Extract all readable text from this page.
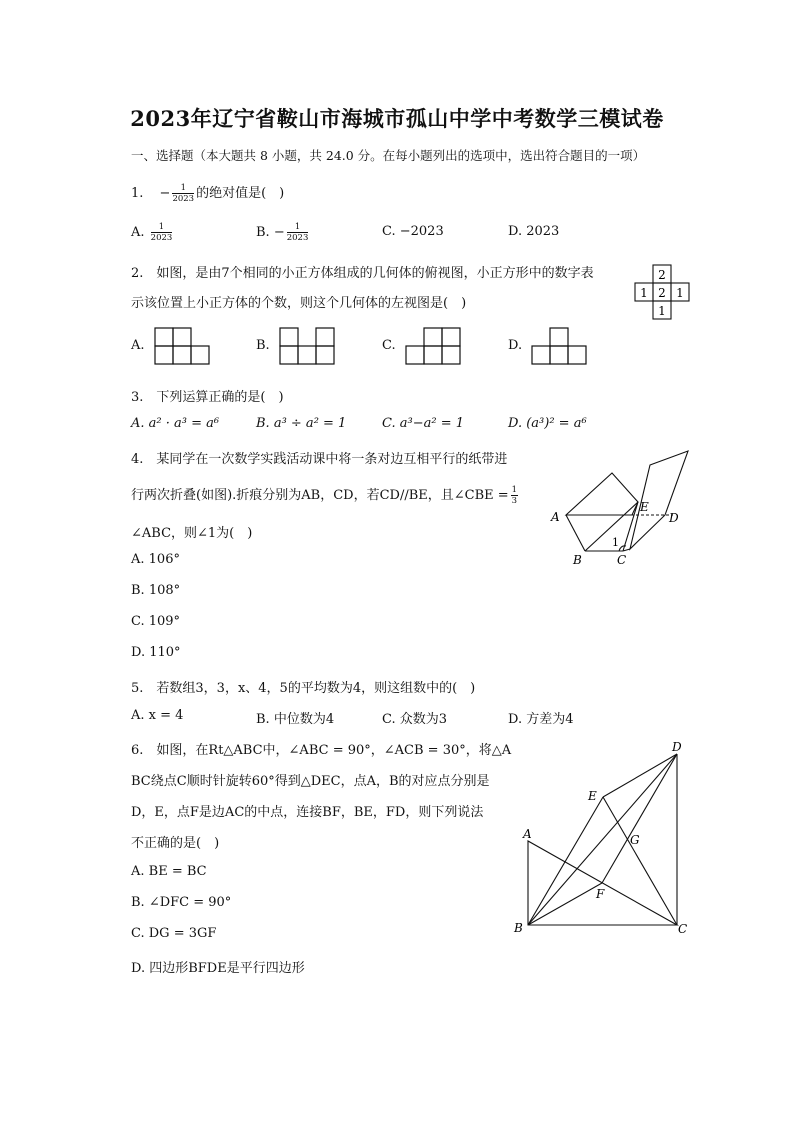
2023年辽宁省鞍山市海城市孤山中学中考数学三模试卷
一、选择题（本大题共 8 小题，共 24.0 分。在每小题列出的选项中，选出符合题目的一项）
1. − $\frac{1}{2023}$ 的绝对值是(　)
A. $\frac{1}{2023}$	B. − $\frac{1}{2023}$	C. −2023	D. 2023
2.　如图，是由7个相同的小正方体组成的几何体的俯视图，小正方形中的数字表
示该位置上小正方体的个数，则这个几何体的左视图是(　)
2
1 2 1
1
A.	B.	C.	D.
3.　下列运算正确的是(　)
A. a² · a³ = a⁶	B. a³ ÷ a² = 1	C. a³−a² = 1	D. (a³)² = a⁶
4.　某同学在一次数学实践活动课中将一条对边互相平行的纸带进
行两次折叠(如图).折痕分别为AB，CD，若CD//BE，且∠CBE = $\frac{1}{3}$
∠ABC，则∠1为(　)
A. 106°
B. 108°
C. 109°
D. 110°
A
E
D
B	C
1
5.　若数组3，3，x、4，5的平均数为4，则这组数中的(　)
A. x = 4	B. 中位数为4	C. 众数为3	D. 方差为4
6.　如图，在Rt△ABC中，∠ABC = 90°，∠ACB = 30°，将△A
BC绕点C顺时针旋转60°得到△DEC，点A，B的对应点分别是
D，E，点F是边AC的中点，连接BF，BE，FD，则下列说法
不正确的是(　)
A. BE = BC
B. ∠DFC = 90°
C. DG = 3GF
D. 四边形BFDE是平行四边形
D
E
A	G
F
B	C
